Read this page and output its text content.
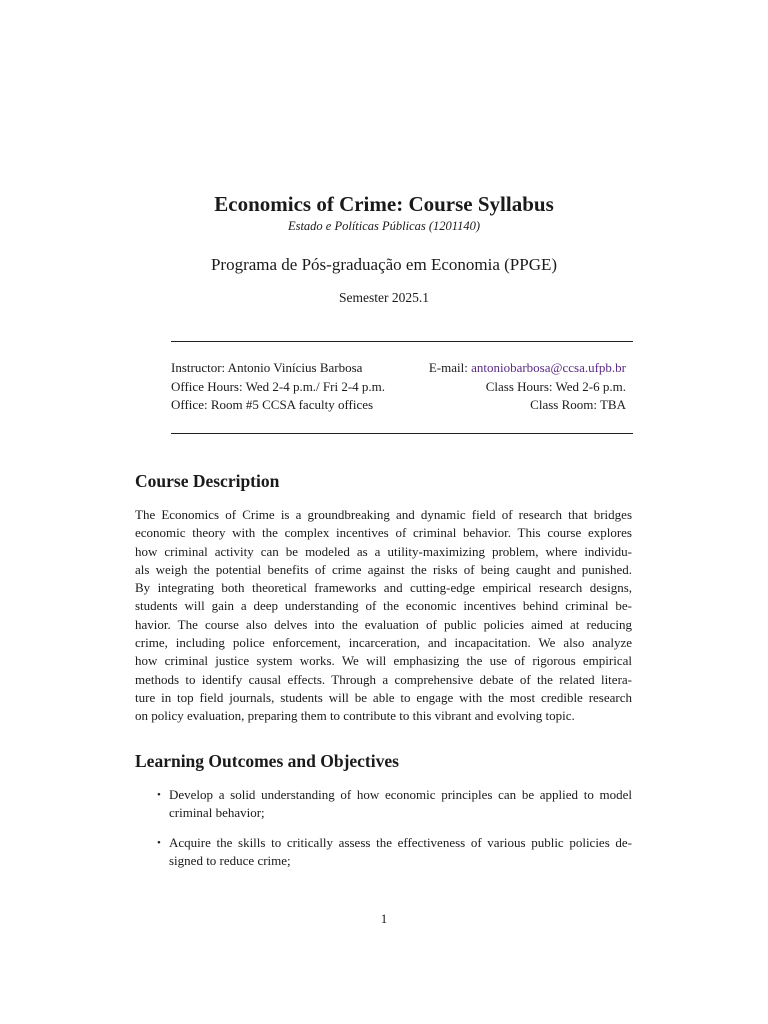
Economics of Crime: Course Syllabus
Estado e Políticas Públicas (1201140)
Programa de Pós-graduação em Economia (PPGE)
Semester 2025.1
Instructor: Antonio Vinícius Barbosa	E-mail: antoniobarbosa@ccsa.ufpb.br
Office Hours: Wed 2-4 p.m./ Fri 2-4 p.m.	Class Hours: Wed 2-6 p.m.
Office: Room #5 CCSA faculty offices	Class Room: TBA
Course Description
The Economics of Crime is a groundbreaking and dynamic field of research that bridges
economic theory with the complex incentives of criminal behavior. This course explores
how criminal activity can be modeled as a utility-maximizing problem, where individu-
als weigh the potential benefits of crime against the risks of being caught and punished.
By integrating both theoretical frameworks and cutting-edge empirical research designs,
students will gain a deep understanding of the economic incentives behind criminal be-
havior. The course also delves into the evaluation of public policies aimed at reducing
crime, including police enforcement, incarceration, and incapacitation. We also analyze
how criminal justice system works. We will emphasizing the use of rigorous empirical
methods to identify causal effects. Through a comprehensive debate of the related litera-
ture in top field journals, students will be able to engage with the most credible research
on policy evaluation, preparing them to contribute to this vibrant and evolving topic.
Learning Outcomes and Objectives
• Develop a solid understanding of how economic principles can be applied to model
criminal behavior;
• Acquire the skills to critically assess the effectiveness of various public policies de-
signed to reduce crime;
1
